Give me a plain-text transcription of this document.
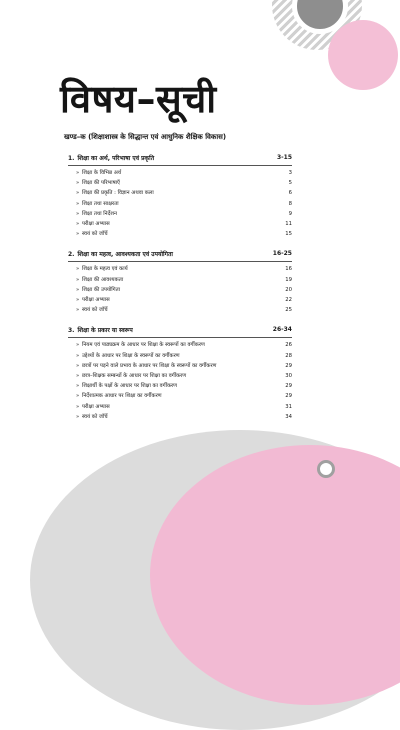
विषय–सूची
खण्ड–क (शिक्षाशास्त्र के सिद्धान्त एवं आधुनिक शैक्षिक विकास)
1. शिक्षा का अर्थ, परिभाषा एवं प्रकृति	3-15
» शिक्षा के विभिन्न अर्थ	3
» शिक्षा की परिभाषाएँ	5
» शिक्षा की प्रकृति : विज्ञान अथवा कला	6
» शिक्षा तथा साक्षरता	8
» शिक्षा तथा निर्देशन	9
» परीक्षा अभ्यास	11
» स्वयं को जाँचें	15
2. शिक्षा का महत्व, आवश्यकता एवं उपयोगिता	16-25
» शिक्षा के महत्व एवं कार्य	16
» शिक्षा की आवश्यकता	19
» शिक्षा की उपयोगिता	20
» परीक्षा अभ्यास	22
» स्वयं को जाँचें	25
3. शिक्षा के प्रकार या स्वरूप	26-34
» नियम एवं पाठ्यक्रम के आधार पर शिक्षा के स्वरूपों का वर्गीकरण	26
» उद्देश्यों के आधार पर शिक्षा के स्वरूपों का वर्गीकरण	28
» छात्रों पर पड़ने वाले प्रभाव के आधार पर शिक्षा के स्वरूपों का वर्गीकरण	29
» छात्र–शिक्षक सम्बन्धों के आधार पर शिक्षा का वर्गीकरण	30
» शिक्षार्थी के पक्षों के आधार पर शिक्षा का वर्गीकरण	29
» निर्देशात्मक आधार पर शिक्षा का वर्गीकरण	29
» परीक्षा अभ्यास	31
» स्वयं को जाँचें	34
